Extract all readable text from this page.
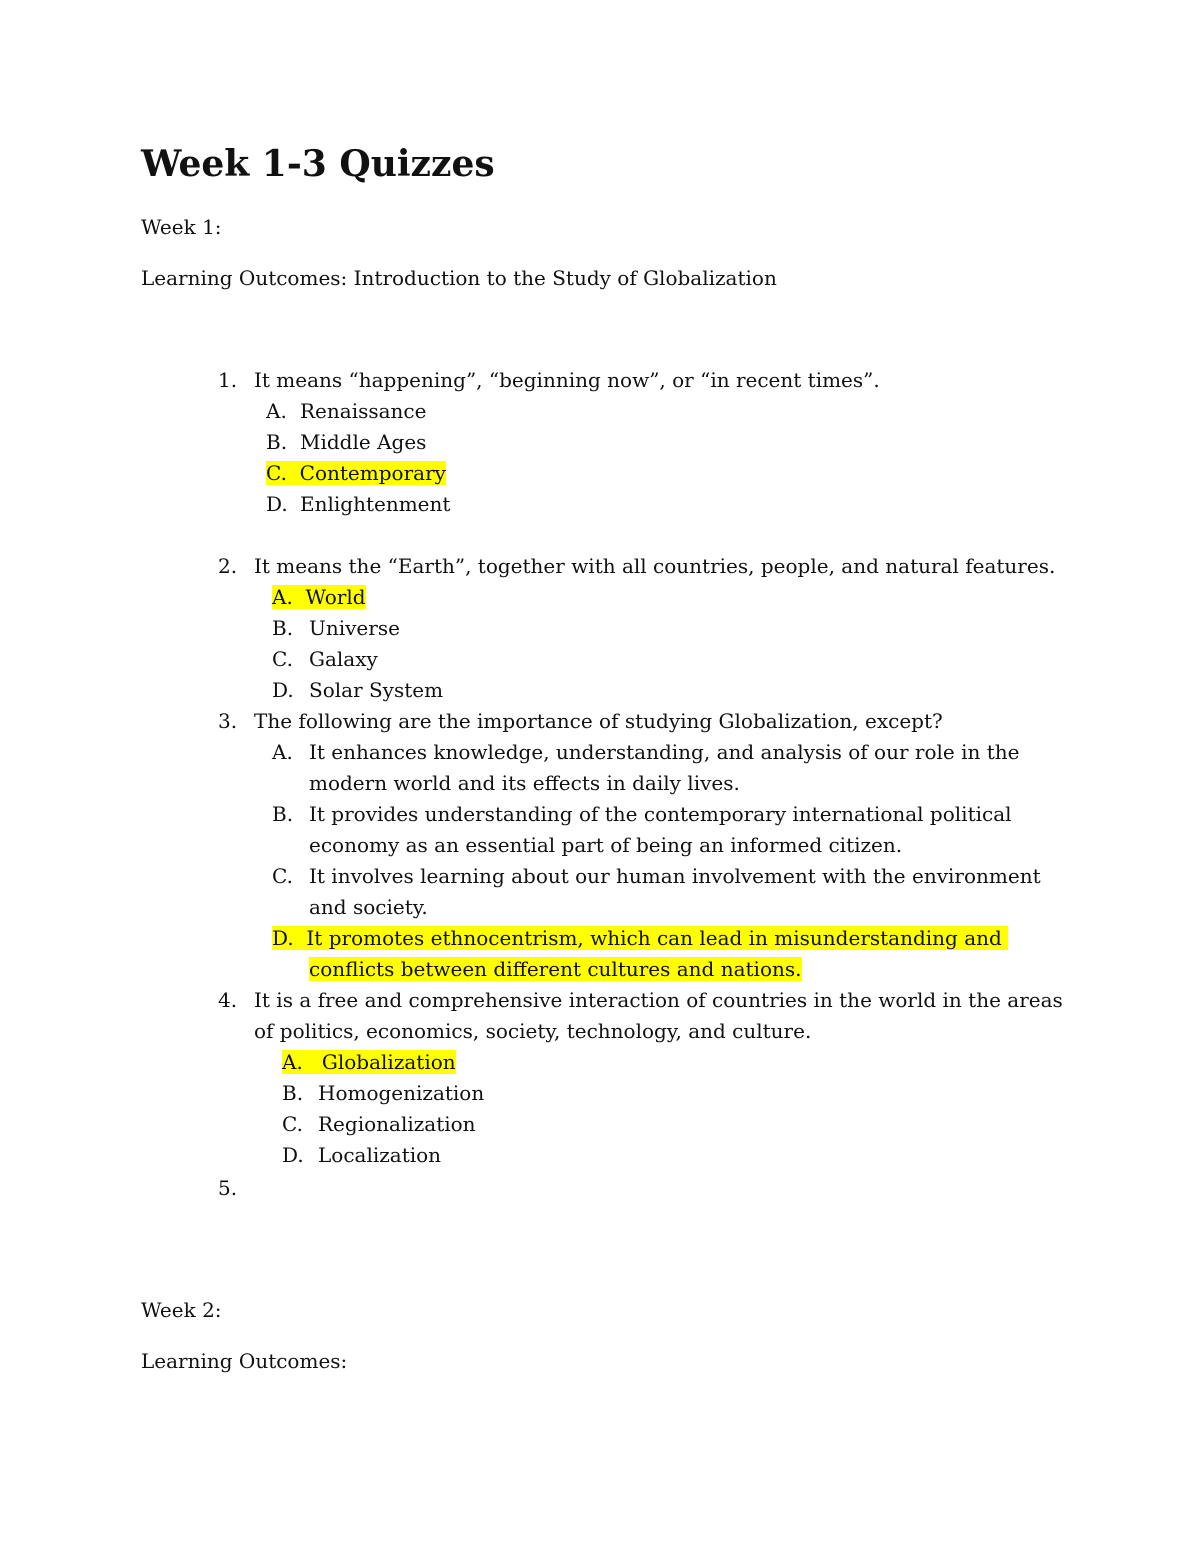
Week 1-3 Quizzes
Week 1:
Learning Outcomes: Introduction to the Study of Globalization
1. It means “happening”, “beginning now”, or “in recent times”.
A. Renaissance
B. Middle Ages
C. Contemporary
D. Enlightenment
2. It means the “Earth”, together with all countries, people, and natural features.
A. World
B. Universe
C. Galaxy
D. Solar System
3. The following are the importance of studying Globalization, except?
A. It enhances knowledge, understanding, and analysis of our role in the
modern world and its effects in daily lives.
B. It provides understanding of the contemporary international political
economy as an essential part of being an informed citizen.
C. It involves learning about our human involvement with the environment
and society.
D. It promotes ethnocentrism, which can lead in misunderstanding and
conflicts between different cultures and nations.
4. It is a free and comprehensive interaction of countries in the world in the areas
of politics, economics, society, technology, and culture.
A. Globalization
B. Homogenization
C. Regionalization
D. Localization
5.
Week 2:
Learning Outcomes:
